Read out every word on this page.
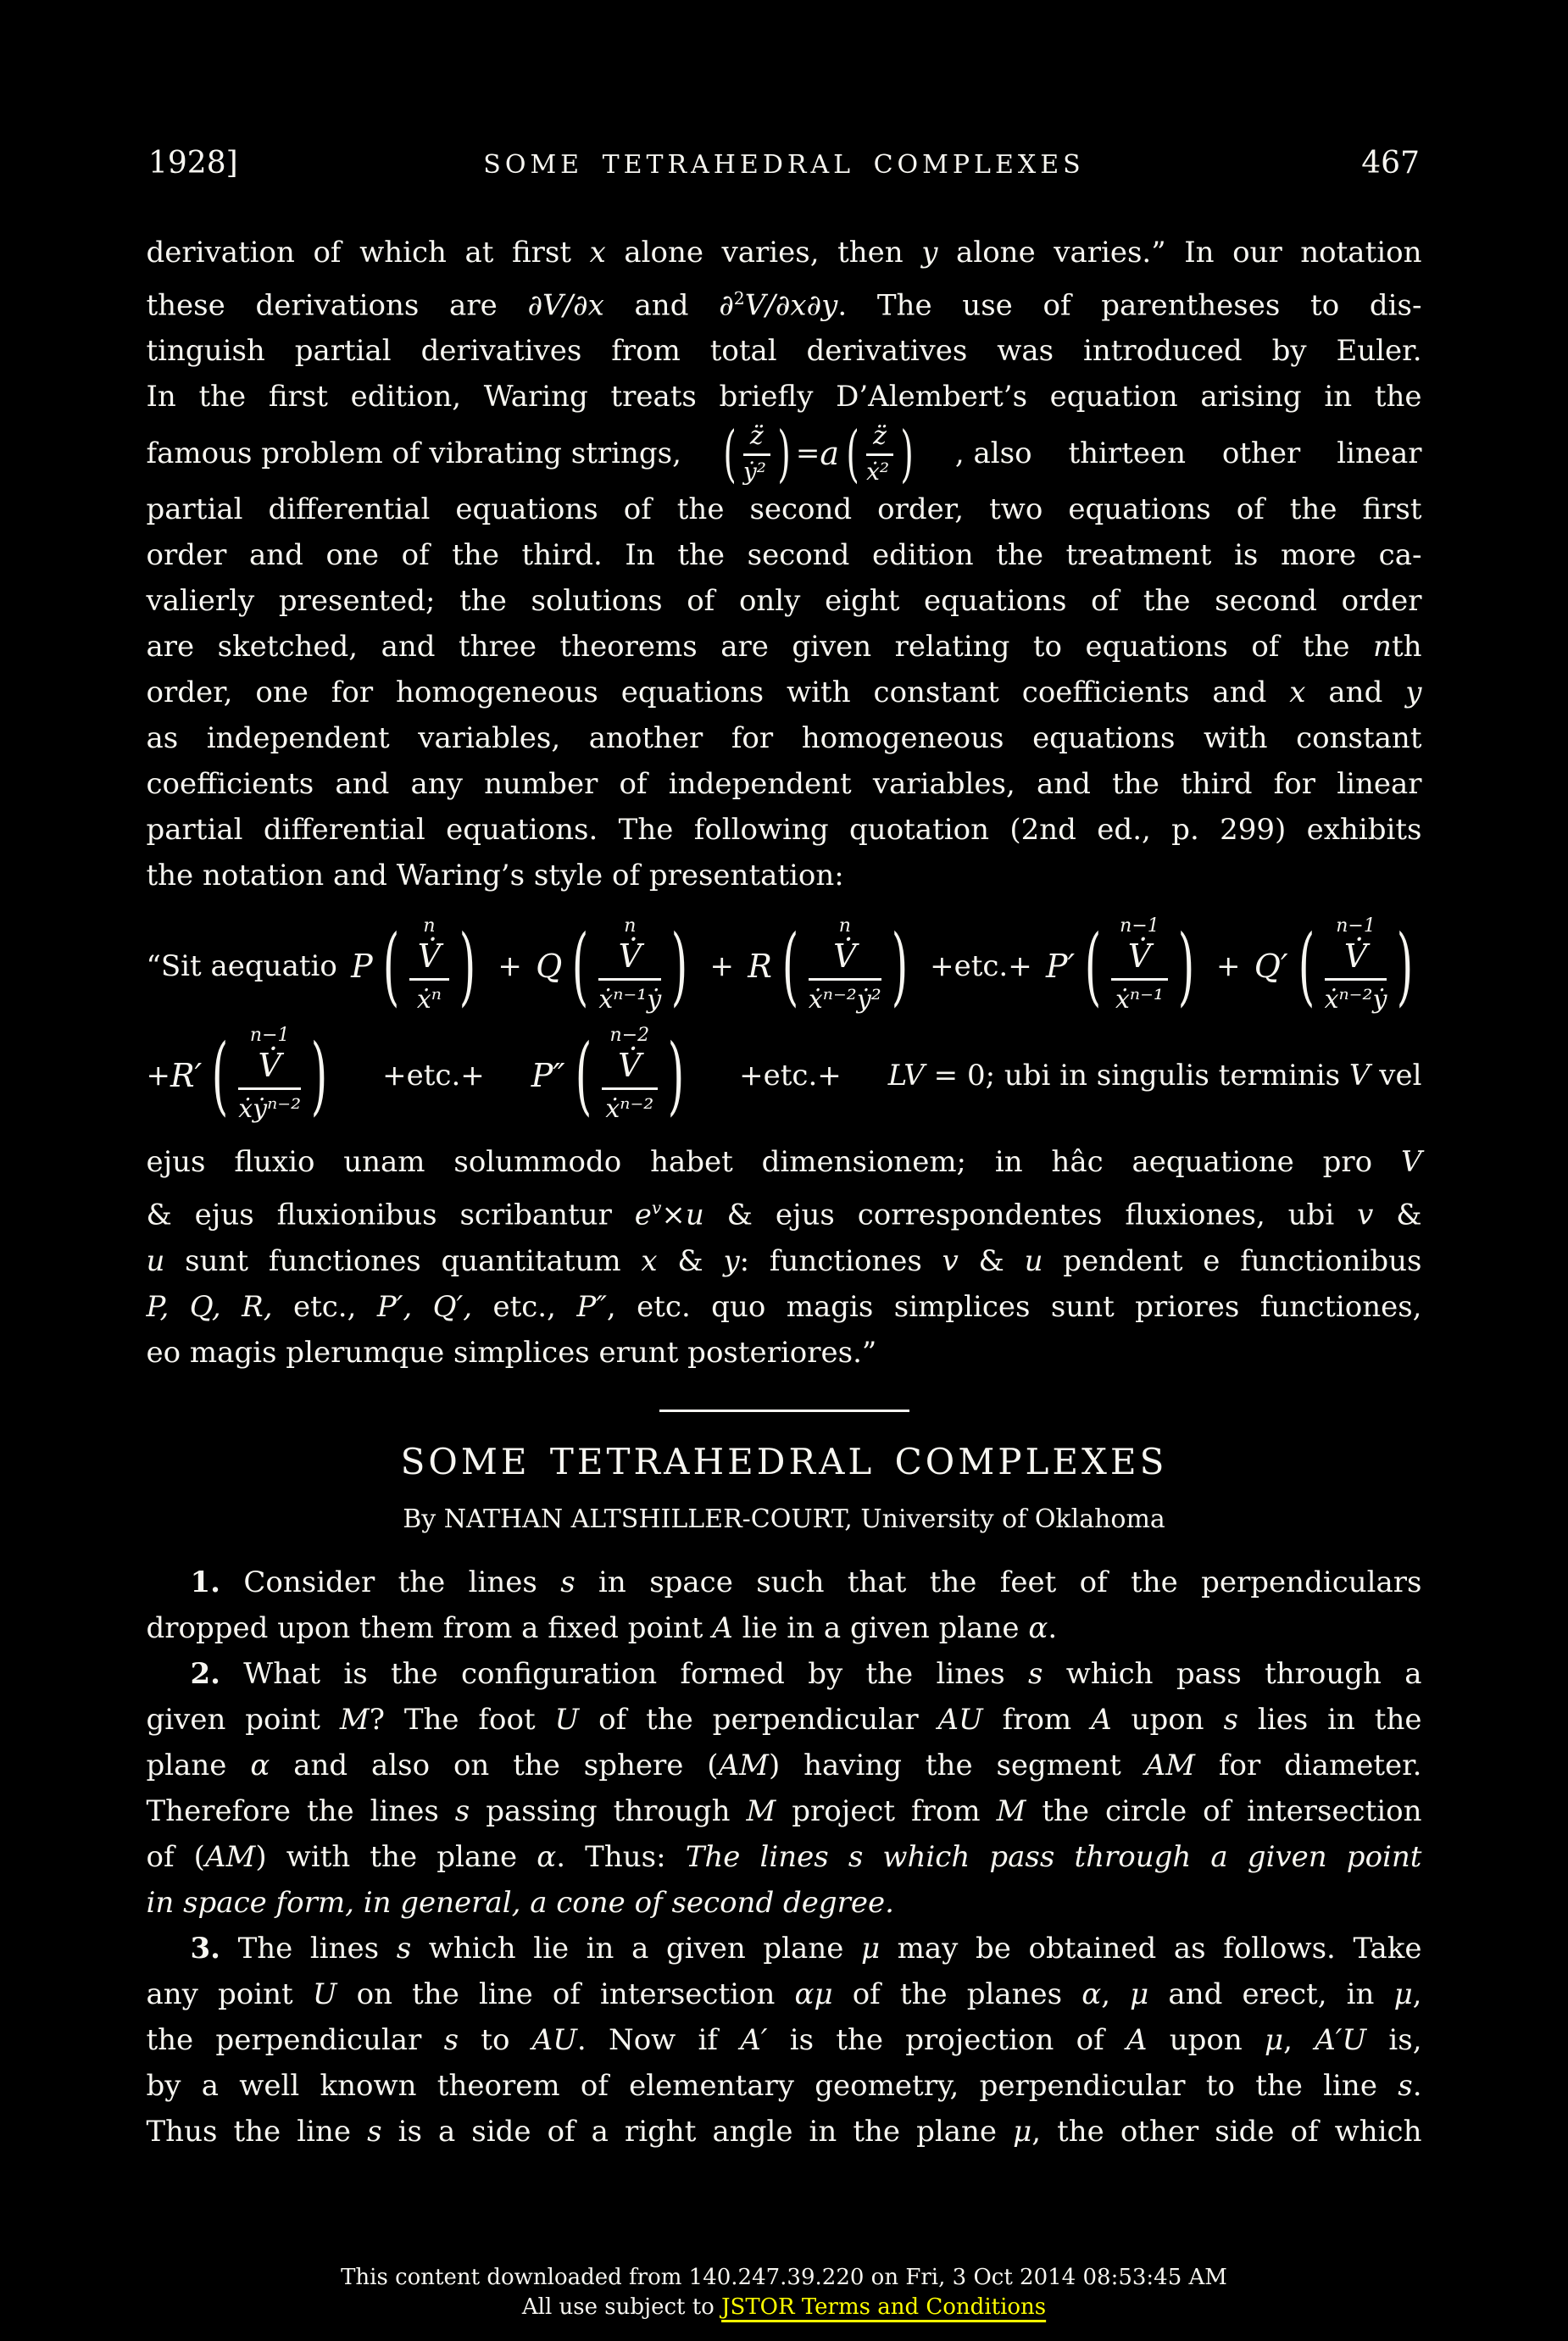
1928]	SOME TETRAHEDRAL COMPLEXES	467
derivation of which at first x alone varies, then y alone varies.” In our notation
these derivations are ∂V/∂x and ∂$^2$V/∂x∂y. The use of parentheses to dis-
tinguish partial derivatives from total derivatives was introduced by Euler.
In the first edition, Waring treats briefly D’Alembert’s equation arising in the
famous problem of vibrating strings, ( $\frac{z̈}{\text{ẏ²}}$ ) = a ( $\frac{z̈}{\text{ẋ²}}$ ) , also thirteen other linear
partial differential equations of the second order, two equations of the first
order and one of the third. In the second edition the treatment is more ca-
valierly presented; the solutions of only eight equations of the second order
are sketched, and three theorems are given relating to equations of the nth
order, one for homogeneous equations with constant coefficients and x and y
as independent variables, another for homogeneous equations with constant
coefficients and any number of independent variables, and the third for linear
partial differential equations. The following quotation (2nd ed., p. 299) exhibits
the notation and Waring’s style of presentation:
“Sit aequatio P ( n
V̇
ẋⁿ ) + Q ( n
V̇
ẋⁿ⁻¹ẏ ) + R ( n
V̇
ẋⁿ⁻²ẏ² ) +etc.+ P′ ( n−1
V̇
ẋⁿ⁻¹ ) + Q′ ( n−1
V̇
ẋⁿ⁻²ẏ )
+ R′ ( n−1
V̇
ẋẏⁿ⁻² ) +etc.+ P″ ( n−2
V̇
ẋⁿ⁻² ) +etc.+ LV = 0; ubi in singulis terminis V vel
ejus fluxio unam solummodo habet dimensionem; in hâc aequatione pro V
& ejus fluxionibus scribantur $e^v\times u$ & ejus correspondentes fluxiones, ubi v &
u sunt functiones quantitatum x & y: functiones v & u pendent e functionibus
P, Q, R, etc., P′, Q′, etc., P″, etc. quo magis simplices sunt priores functiones,
eo magis plerumque simplices erunt posteriores.”
SOME TETRAHEDRAL COMPLEXES
By NATHAN ALTSHILLER-COURT, University of Oklahoma
1. Consider the lines s in space such that the feet of the perpendiculars
dropped upon them from a fixed point A lie in a given plane α.
2. What is the configuration formed by the lines s which pass through a
given point M? The foot U of the perpendicular AU from A upon s lies in the
plane α and also on the sphere (AM) having the segment AM for diameter.
Therefore the lines s passing through M project from M the circle of intersection
of (AM) with the plane α. Thus: The lines s which pass through a given point
in space form, in general, a cone of second degree.
3. The lines s which lie in a given plane μ may be obtained as follows. Take
any point U on the line of intersection αμ of the planes α, μ and erect, in μ,
the perpendicular s to AU. Now if A′ is the projection of A upon μ, A′U is,
by a well known theorem of elementary geometry, perpendicular to the line s.
Thus the line s is a side of a right angle in the plane μ, the other side of which
This content downloaded from 140.247.39.220 on Fri, 3 Oct 2014 08:53:45 AM
All use subject to JSTOR Terms and Conditions
